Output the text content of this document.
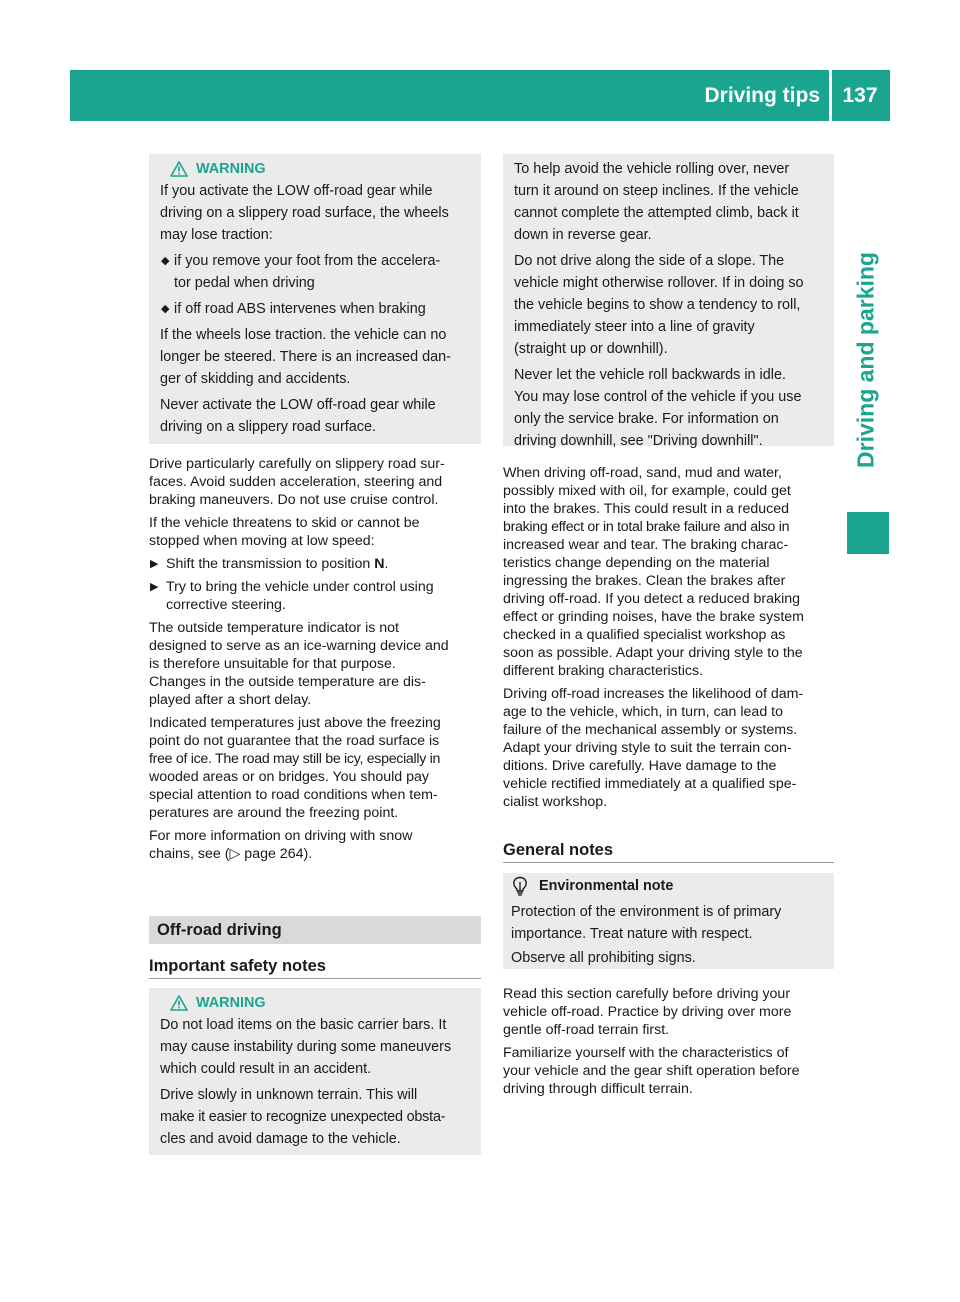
Driving tips 137
Driving and parking
WARNING

If you activate the LOW off-road gear while

driving on a slippery road surface, the wheels

may lose traction:

◆ if you remove your foot from the accelera-

tor pedal when driving

◆ if off road ABS intervenes when braking

If the wheels lose traction. the vehicle can no

longer be steered. There is an increased dan-

ger of skidding and accidents.

Never activate the LOW off-road gear while

driving on a slippery road surface.

Drive particularly carefully on slippery road sur-

faces. Avoid sudden acceleration, steering and

braking maneuvers. Do not use cruise control.

If the vehicle threatens to skid or cannot be

stopped when moving at low speed:

▶ Shift the transmission to position N.

▶ Try to bring the vehicle under control using

corrective steering.

The outside temperature indicator is not

designed to serve as an ice-warning device and

is therefore unsuitable for that purpose.

Changes in the outside temperature are dis-

played after a short delay.

Indicated temperatures just above the freezing

point do not guarantee that the road surface is

free of ice. The road may still be icy, especially in

wooded areas or on bridges. You should pay

special attention to road conditions when tem-

peratures are around the freezing point.

For more information on driving with snow

chains, see (▷ page 264).

Off-road driving
Important safety notes
WARNING

Do not load items on the basic carrier bars. It

may cause instability during some maneuvers

which could result in an accident.

Drive slowly in unknown terrain. This will

make it easier to recognize unexpected obsta-

cles and avoid damage to the vehicle.

To help avoid the vehicle rolling over, never

turn it around on steep inclines. If the vehicle

cannot complete the attempted climb, back it

down in reverse gear.

Do not drive along the side of a slope. The

vehicle might otherwise rollover. If in doing so

the vehicle begins to show a tendency to roll,

immediately steer into a line of gravity

(straight up or downhill).

Never let the vehicle roll backwards in idle.

You may lose control of the vehicle if you use

only the service brake. For information on

driving downhill, see "Driving downhill".

When driving off-road, sand, mud and water,

possibly mixed with oil, for example, could get

into the brakes. This could result in a reduced

braking effect or in total brake failure and also in

increased wear and tear. The braking charac-

teristics change depending on the material

ingressing the brakes. Clean the brakes after

driving off-road. If you detect a reduced braking

effect or grinding noises, have the brake system

checked in a qualified specialist workshop as

soon as possible. Adapt your driving style to the

different braking characteristics.

Driving off-road increases the likelihood of dam-

age to the vehicle, which, in turn, can lead to

failure of the mechanical assembly or systems.

Adapt your driving style to suit the terrain con-

ditions. Drive carefully. Have damage to the

vehicle rectified immediately at a qualified spe-

cialist workshop.

General notes
Environmental note

Protection of the environment is of primary

importance. Treat nature with respect.

Observe all prohibiting signs.

Read this section carefully before driving your

vehicle off-road. Practice by driving over more

gentle off-road terrain first.

Familiarize yourself with the characteristics of

your vehicle and the gear shift operation before

driving through difficult terrain.
